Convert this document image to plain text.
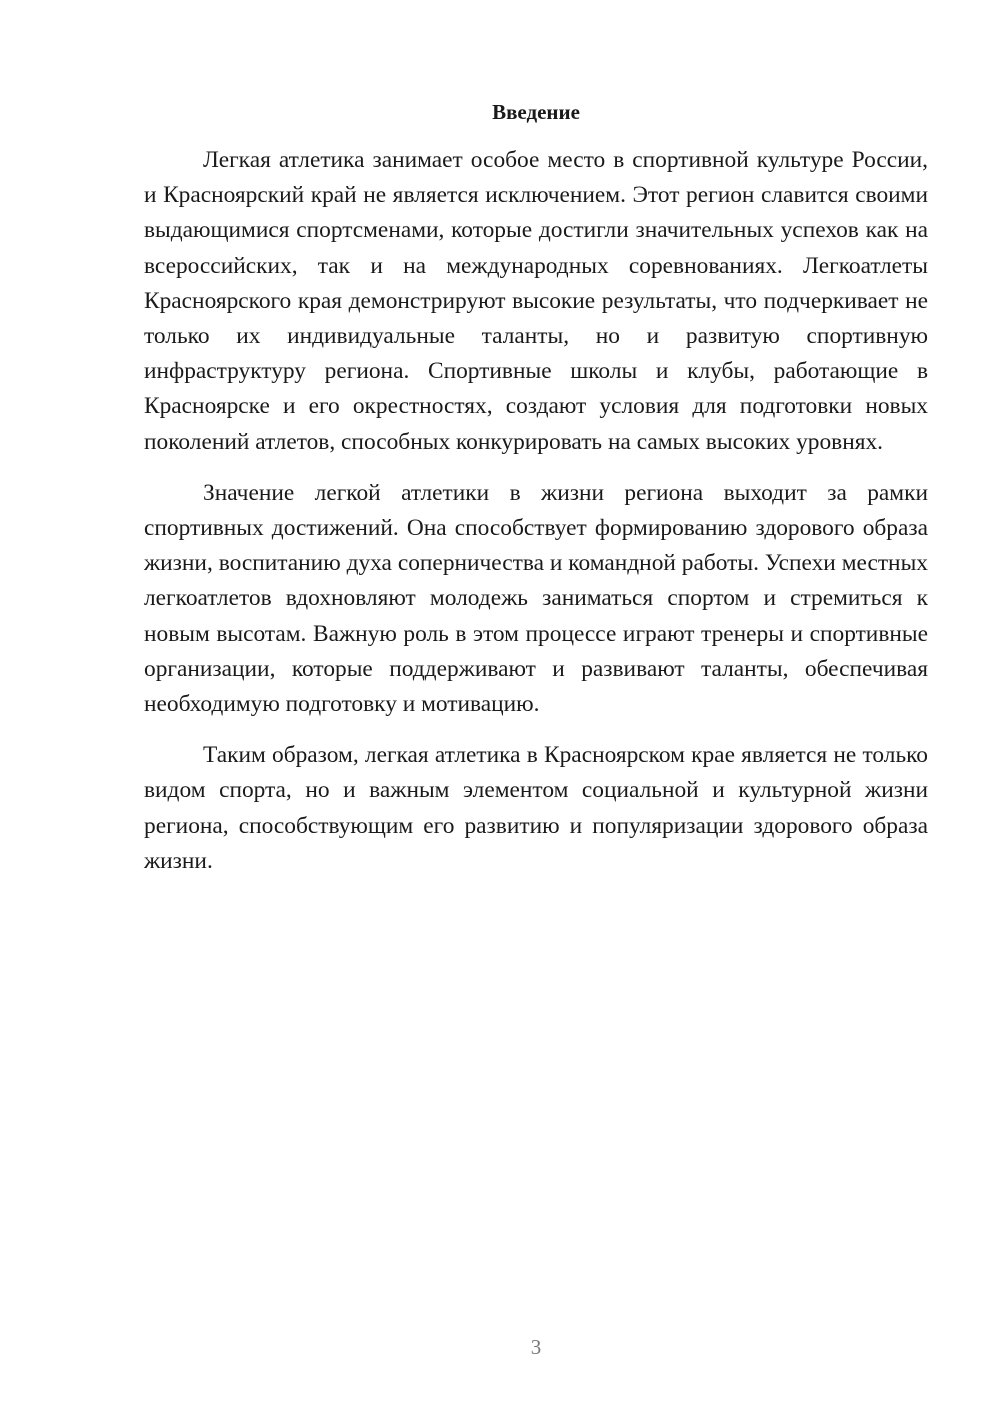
Введение

Легкая атлетика занимает особое место в спортивной культуре России, и Красноярский край не является исключением. Этот регион славится своими выдающимися спортсменами, которые достигли значительных успехов как на всероссийских, так и на международных соревнованиях. Легкоатлеты Красноярского края демонстрируют высокие результаты, что подчеркивает не только их индивидуальные таланты, но и развитую спортивную инфраструктуру региона. Спортивные школы и клубы, работающие в Красноярске и его окрестностях, создают условия для подготовки новых поколений атлетов, способных конкурировать на самых высоких уровнях.

Значение легкой атлетики в жизни региона выходит за рамки спортивных достижений. Она способствует формированию здорового образа жизни, воспитанию духа соперничества и командной работы. Успехи местных легкоатлетов вдохновляют молодежь заниматься спортом и стремиться к новым высотам. Важную роль в этом процессе играют тренеры и спортивные организации, которые поддерживают и развивают таланты, обеспечивая необходимую подготовку и мотивацию.

Таким образом, легкая атлетика в Красноярском крае является не только видом спорта, но и важным элементом социальной и культурной жизни региона, способствующим его развитию и популяризации здорового образа жизни.

3
